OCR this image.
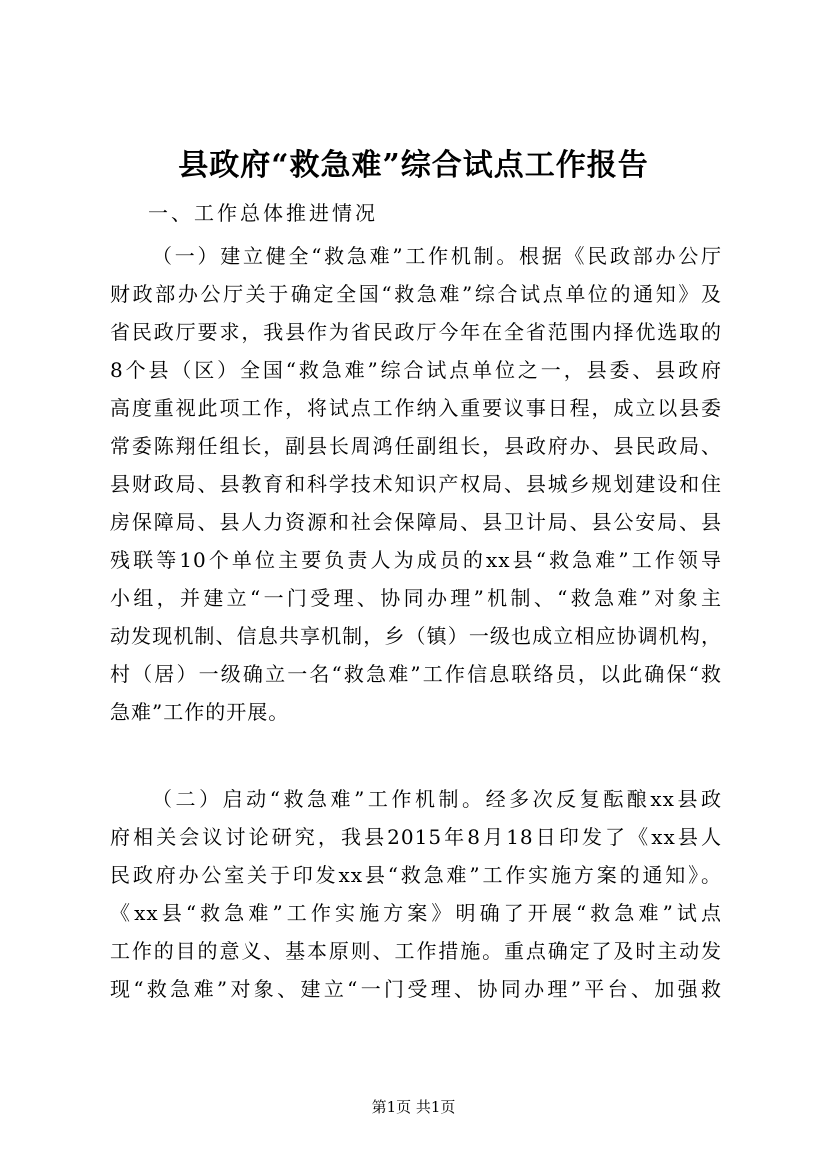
县政府“救急难”综合试点工作报告
一、工作总体推进情况
（一）建立健全“救急难”工作机制。根据《民政部办公厅
财政部办公厅关于确定全国“救急难”综合试点单位的通知》及
省民政厅要求，我县作为省民政厅今年在全省范围内择优选取的
8个县（区）全国“救急难”综合试点单位之一，县委、县政府
高度重视此项工作，将试点工作纳入重要议事日程，成立以县委
常委陈翔任组长，副县长周鸿任副组长，县政府办、县民政局、
县财政局、县教育和科学技术知识产权局、县城乡规划建设和住
房保障局、县人力资源和社会保障局、县卫计局、县公安局、县
残联等10个单位主要负责人为成员的xx县“救急难”工作领导
小组，并建立“一门受理、协同办理”机制、“救急难”对象主
动发现机制、信息共享机制，乡（镇）一级也成立相应协调机构，
村（居）一级确立一名“救急难”工作信息联络员，以此确保“救
急难”工作的开展。
（二）启动“救急难”工作机制。经多次反复酝酿xx县政
府相关会议讨论研究，我县2015年8月18日印发了《xx县人
民政府办公室关于印发xx县“救急难”工作实施方案的通知》。
《xx县“救急难”工作实施方案》明确了开展“救急难”试点
工作的目的意义、基本原则、工作措施。重点确定了及时主动发
现“救急难”对象、建立“一门受理、协同办理”平台、加强救
第1页 共1页
